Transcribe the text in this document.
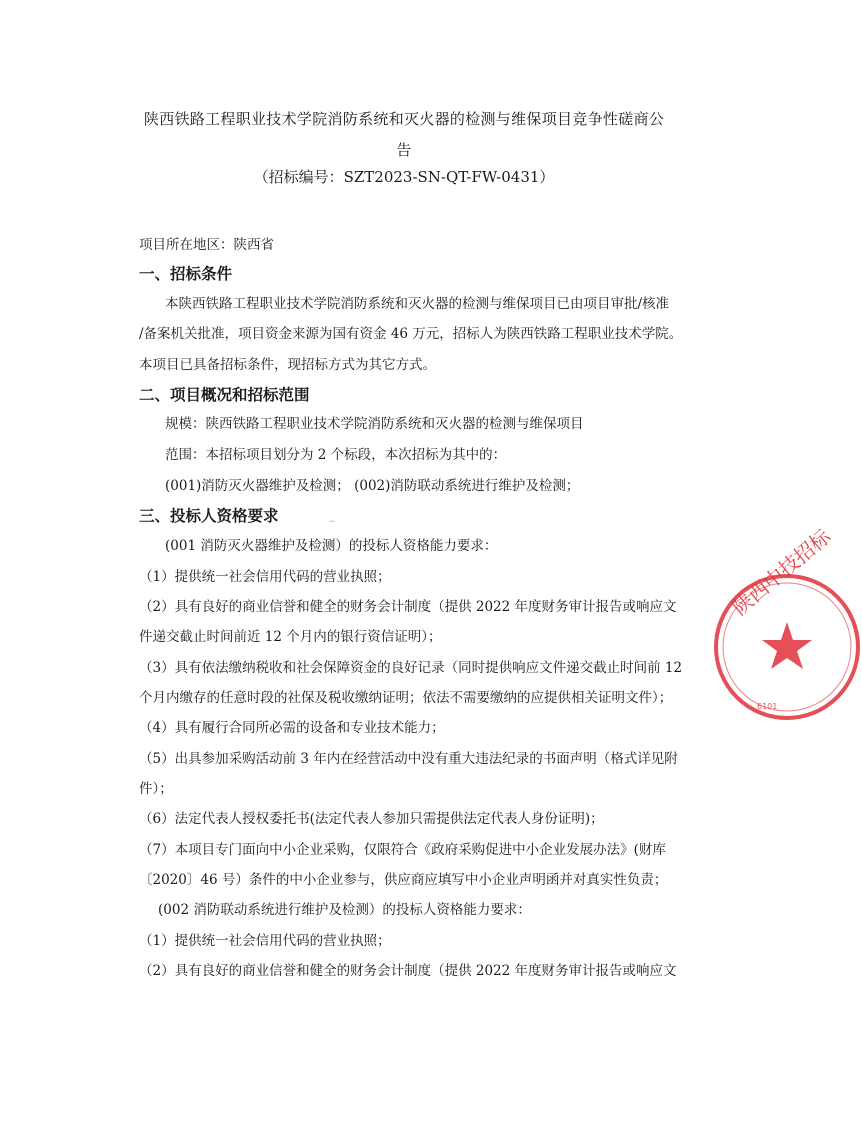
陕西铁路工程职业技术学院消防系统和灭火器的检测与维保项目竞争性磋商公
告
（招标编号：SZT2023-SN-QT-FW-0431）
项目所在地区：陕西省
一、招标条件
本陕西铁路工程职业技术学院消防系统和灭火器的检测与维保项目已由项目审批/核准
/备案机关批准，项目资金来源为国有资金 46 万元，招标人为陕西铁路工程职业技术学院。
本项目已具备招标条件，现招标方式为其它方式。
二、项目概况和招标范围
规模：陕西铁路工程职业技术学院消防系统和灭火器的检测与维保项目
范围：本招标项目划分为 2 个标段，本次招标为其中的：
(001)消防灭火器维护及检测； (002)消防联动系统进行维护及检测；
三、投标人资格要求
(001 消防灭火器维护及检测）的投标人资格能力要求：
（1）提供统一社会信用代码的营业执照；
（2）具有良好的商业信誉和健全的财务会计制度（提供 2022 年度财务审计报告或响应文
件递交截止时间前近 12 个月内的银行资信证明）；
（3）具有依法缴纳税收和社会保障资金的良好记录（同时提供响应文件递交截止时间前 12
个月内缴存的任意时段的社保及税收缴纳证明；依法不需要缴纳的应提供相关证明文件）；
（4）具有履行合同所必需的设备和专业技术能力；
（5）出具参加采购活动前 3 年内在经营活动中没有重大违法纪录的书面声明（格式详见附
件）；
（6）法定代表人授权委托书(法定代表人参加只需提供法定代表人身份证明)；
（7）本项目专门面向中小企业采购，仅限符合《政府采购促进中小企业发展办法》(财库
〔2020〕46 号）条件的中小企业参与，供应商应填写中小企业声明函并对真实性负责；
(002 消防联动系统进行维护及检测）的投标人资格能力要求：
（1）提供统一社会信用代码的营业执照；
（2）具有良好的商业信誉和健全的财务会计制度（提供 2022 年度财务审计报告或响应文
~
陕西中技招标
6101
